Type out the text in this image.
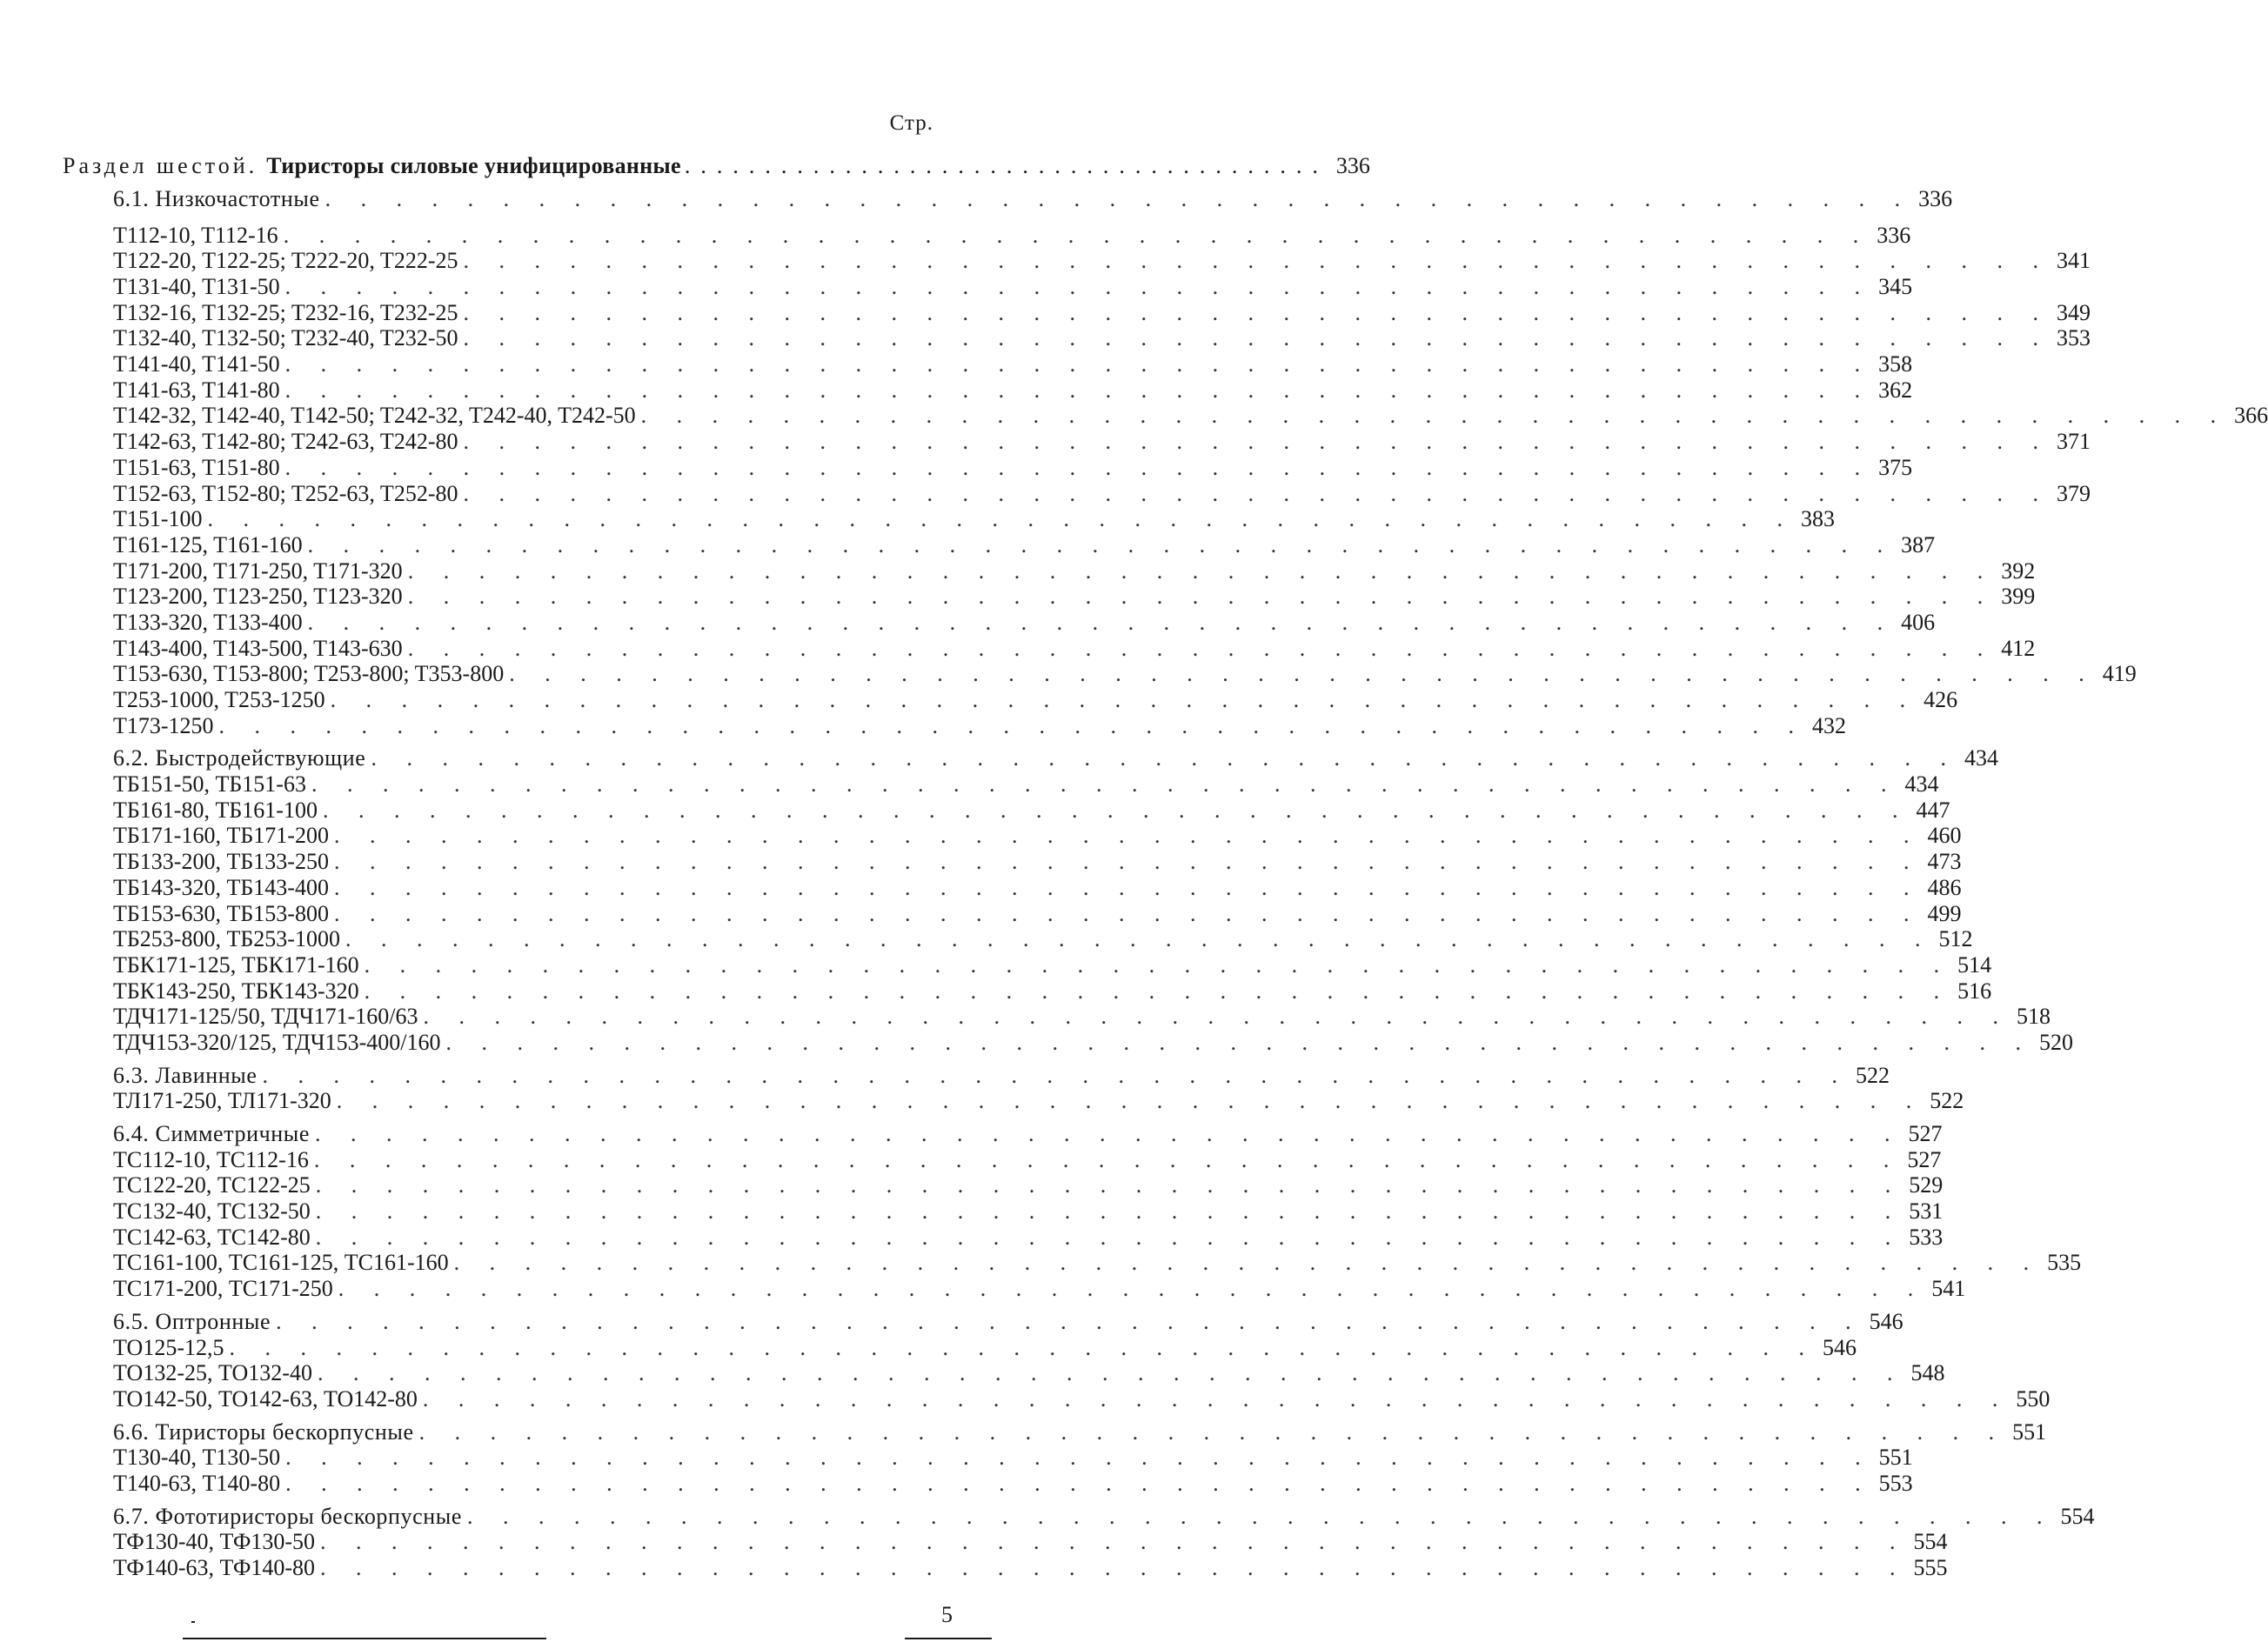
Стр.
Раздел шестой. Тиристоры силовые унифицированные ........................................ 336
6.1. Низкочастотные . . . . . . . . . . . . . . . . . . . . . . . . . . . . . . . . . . . . . . . . . . . . . 336
T112-10, T112-16 . . . . . . . . . . . . . . . . . . . . . . . . . . . . . . . . . . . . . . . . . . . . . 336
T122-20, T122-25; T222-20, T222-25 . . . . . . . . . . . . . . . . . . . . . . . . . . . . . . . . . . . . . . . . . . . . . 341
T131-40, T131-50 . . . . . . . . . . . . . . . . . . . . . . . . . . . . . . . . . . . . . . . . . . . . . 345
T132-16, T132-25; T232-16, T232-25 . . . . . . . . . . . . . . . . . . . . . . . . . . . . . . . . . . . . . . . . . . . . . 349
T132-40, T132-50; T232-40, T232-50 . . . . . . . . . . . . . . . . . . . . . . . . . . . . . . . . . . . . . . . . . . . . . 353
T141-40, T141-50 . . . . . . . . . . . . . . . . . . . . . . . . . . . . . . . . . . . . . . . . . . . . . 358
T141-63, T141-80 . . . . . . . . . . . . . . . . . . . . . . . . . . . . . . . . . . . . . . . . . . . . . 362
T142-32, T142-40, T142-50; T242-32, T242-40, T242-50 . . . . . . . . . . . . . . . . . . . . . . . . . . . . . . . . . . . . . . . . . . . . . 366
T142-63, T142-80; T242-63, T242-80 . . . . . . . . . . . . . . . . . . . . . . . . . . . . . . . . . . . . . . . . . . . . . 371
T151-63, T151-80 . . . . . . . . . . . . . . . . . . . . . . . . . . . . . . . . . . . . . . . . . . . . . 375
T152-63, T152-80; T252-63, T252-80 . . . . . . . . . . . . . . . . . . . . . . . . . . . . . . . . . . . . . . . . . . . . . 379
T151-100 . . . . . . . . . . . . . . . . . . . . . . . . . . . . . . . . . . . . . . . . . . . . . 383
T161-125, T161-160 . . . . . . . . . . . . . . . . . . . . . . . . . . . . . . . . . . . . . . . . . . . . . 387
T171-200, T171-250, T171-320 . . . . . . . . . . . . . . . . . . . . . . . . . . . . . . . . . . . . . . . . . . . . . 392
T123-200, T123-250, T123-320 . . . . . . . . . . . . . . . . . . . . . . . . . . . . . . . . . . . . . . . . . . . . . 399
T133-320, T133-400 . . . . . . . . . . . . . . . . . . . . . . . . . . . . . . . . . . . . . . . . . . . . . 406
T143-400, T143-500, T143-630 . . . . . . . . . . . . . . . . . . . . . . . . . . . . . . . . . . . . . . . . . . . . . 412
T153-630, T153-800; T253-800; T353-800 . . . . . . . . . . . . . . . . . . . . . . . . . . . . . . . . . . . . . . . . . . . . . 419
T253-1000, T253-1250 . . . . . . . . . . . . . . . . . . . . . . . . . . . . . . . . . . . . . . . . . . . . . 426
T173-1250 . . . . . . . . . . . . . . . . . . . . . . . . . . . . . . . . . . . . . . . . . . . . . 432
6.2. Быстродействующие . . . . . . . . . . . . . . . . . . . . . . . . . . . . . . . . . . . . . . . . . . . . . 434
ТБ151-50, ТБ151-63 . . . . . . . . . . . . . . . . . . . . . . . . . . . . . . . . . . . . . . . . . . . . . 434
ТБ161-80, ТБ161-100 . . . . . . . . . . . . . . . . . . . . . . . . . . . . . . . . . . . . . . . . . . . . . 447
ТБ171-160, ТБ171-200 . . . . . . . . . . . . . . . . . . . . . . . . . . . . . . . . . . . . . . . . . . . . . 460
ТБ133-200, ТБ133-250 . . . . . . . . . . . . . . . . . . . . . . . . . . . . . . . . . . . . . . . . . . . . . 473
ТБ143-320, ТБ143-400 . . . . . . . . . . . . . . . . . . . . . . . . . . . . . . . . . . . . . . . . . . . . . 486
ТБ153-630, ТБ153-800 . . . . . . . . . . . . . . . . . . . . . . . . . . . . . . . . . . . . . . . . . . . . . 499
ТБ253-800, ТБ253-1000 . . . . . . . . . . . . . . . . . . . . . . . . . . . . . . . . . . . . . . . . . . . . . 512
ТБК171-125, ТБК171-160 . . . . . . . . . . . . . . . . . . . . . . . . . . . . . . . . . . . . . . . . . . . . . 514
ТБК143-250, ТБК143-320 . . . . . . . . . . . . . . . . . . . . . . . . . . . . . . . . . . . . . . . . . . . . . 516
ТДЧ171-125/50, ТДЧ171-160/63 . . . . . . . . . . . . . . . . . . . . . . . . . . . . . . . . . . . . . . . . . . . . . 518
ТДЧ153-320/125, ТДЧ153-400/160 . . . . . . . . . . . . . . . . . . . . . . . . . . . . . . . . . . . . . . . . . . . . . 520
6.3. Лавинные . . . . . . . . . . . . . . . . . . . . . . . . . . . . . . . . . . . . . . . . . . . . . 522
ТЛ171-250, ТЛ171-320 . . . . . . . . . . . . . . . . . . . . . . . . . . . . . . . . . . . . . . . . . . . . . 522
6.4. Симметричные . . . . . . . . . . . . . . . . . . . . . . . . . . . . . . . . . . . . . . . . . . . . . 527
ТС112-10, ТС112-16 . . . . . . . . . . . . . . . . . . . . . . . . . . . . . . . . . . . . . . . . . . . . . 527
ТС122-20, ТС122-25 . . . . . . . . . . . . . . . . . . . . . . . . . . . . . . . . . . . . . . . . . . . . . 529
ТС132-40, ТС132-50 . . . . . . . . . . . . . . . . . . . . . . . . . . . . . . . . . . . . . . . . . . . . . 531
ТС142-63, ТС142-80 . . . . . . . . . . . . . . . . . . . . . . . . . . . . . . . . . . . . . . . . . . . . . 533
ТС161-100, ТС161-125, ТС161-160 . . . . . . . . . . . . . . . . . . . . . . . . . . . . . . . . . . . . . . . . . . . . . 535
ТС171-200, ТС171-250 . . . . . . . . . . . . . . . . . . . . . . . . . . . . . . . . . . . . . . . . . . . . . 541
6.5. Оптронные . . . . . . . . . . . . . . . . . . . . . . . . . . . . . . . . . . . . . . . . . . . . . 546
ТО125-12,5 . . . . . . . . . . . . . . . . . . . . . . . . . . . . . . . . . . . . . . . . . . . . . 546
ТО132-25, ТО132-40 . . . . . . . . . . . . . . . . . . . . . . . . . . . . . . . . . . . . . . . . . . . . . 548
ТО142-50, ТО142-63, ТО142-80 . . . . . . . . . . . . . . . . . . . . . . . . . . . . . . . . . . . . . . . . . . . . . 550
6.6. Тиристоры бескорпусные . . . . . . . . . . . . . . . . . . . . . . . . . . . . . . . . . . . . . . . . . . . . . 551
Т130-40, Т130-50 . . . . . . . . . . . . . . . . . . . . . . . . . . . . . . . . . . . . . . . . . . . . . 551
Т140-63, Т140-80 . . . . . . . . . . . . . . . . . . . . . . . . . . . . . . . . . . . . . . . . . . . . . 553
6.7. Фототиристоры бескорпусные . . . . . . . . . . . . . . . . . . . . . . . . . . . . . . . . . . . . . . . . . . . . . 554
ТФ130-40, ТФ130-50 . . . . . . . . . . . . . . . . . . . . . . . . . . . . . . . . . . . . . . . . . . . . . 554
ТФ140-63, ТФ140-80 . . . . . . . . . . . . . . . . . . . . . . . . . . . . . . . . . . . . . . . . . . . . . 555
5
